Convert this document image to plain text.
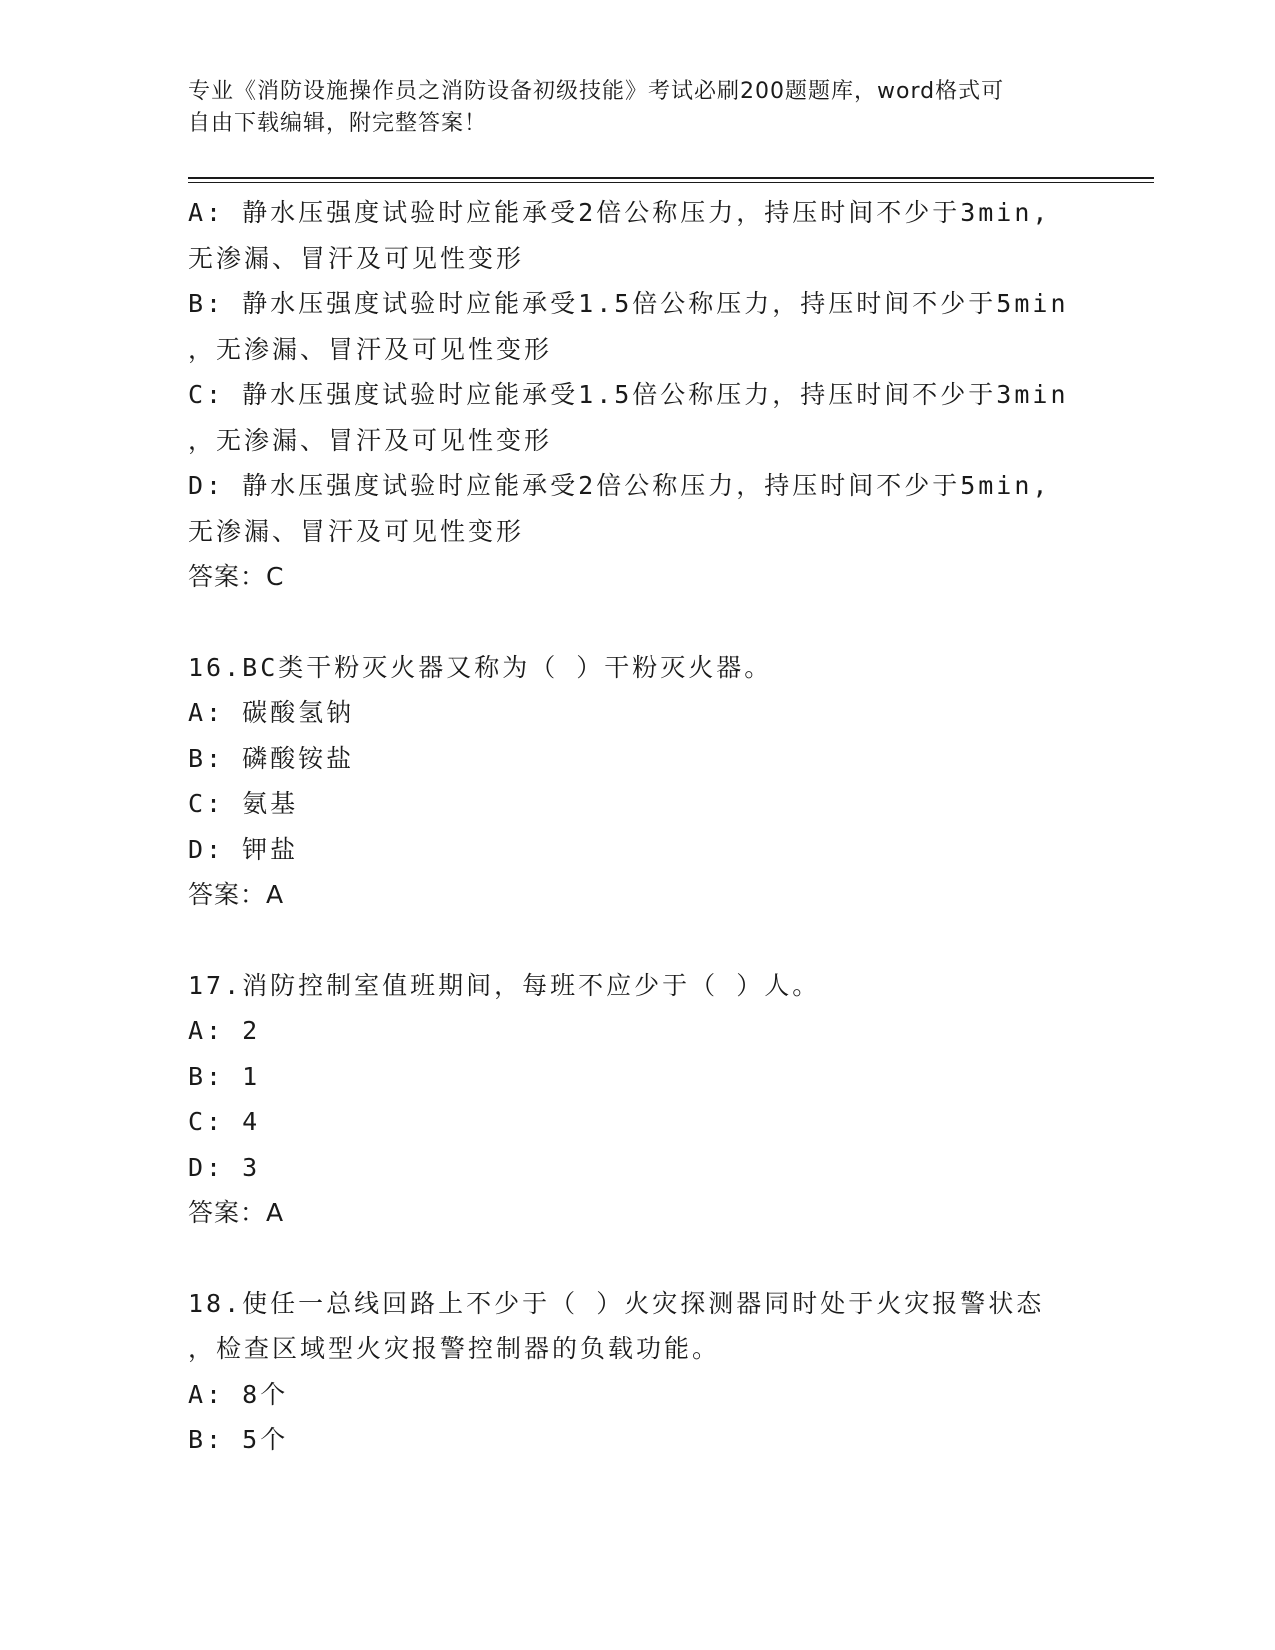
专业《消防设施操作员之消防设备初级技能》考试必刷200题题库，word格式可
自由下载编辑，附完整答案！
A: 静水压强度试验时应能承受2倍公称压力，持压时间不少于3min,
无渗漏、冒汗及可见性变形
B: 静水压强度试验时应能承受1.5倍公称压力，持压时间不少于5min
，无渗漏、冒汗及可见性变形
C: 静水压强度试验时应能承受1.5倍公称压力，持压时间不少于3min
，无渗漏、冒汗及可见性变形
D: 静水压强度试验时应能承受2倍公称压力，持压时间不少于5min,
无渗漏、冒汗及可见性变形
答案：C
16.BC类干粉灭火器又称为（ ）干粉灭火器。
A: 碳酸氢钠
B: 磷酸铵盐
C: 氨基
D: 钾盐
答案：A
17.消防控制室值班期间，每班不应少于（ ）人。
A: 2
B: 1
C: 4
D: 3
答案：A
18.使任一总线回路上不少于（ ）火灾探测器同时处于火灾报警状态
，检查区域型火灾报警控制器的负载功能。
A: 8个
B: 5个
